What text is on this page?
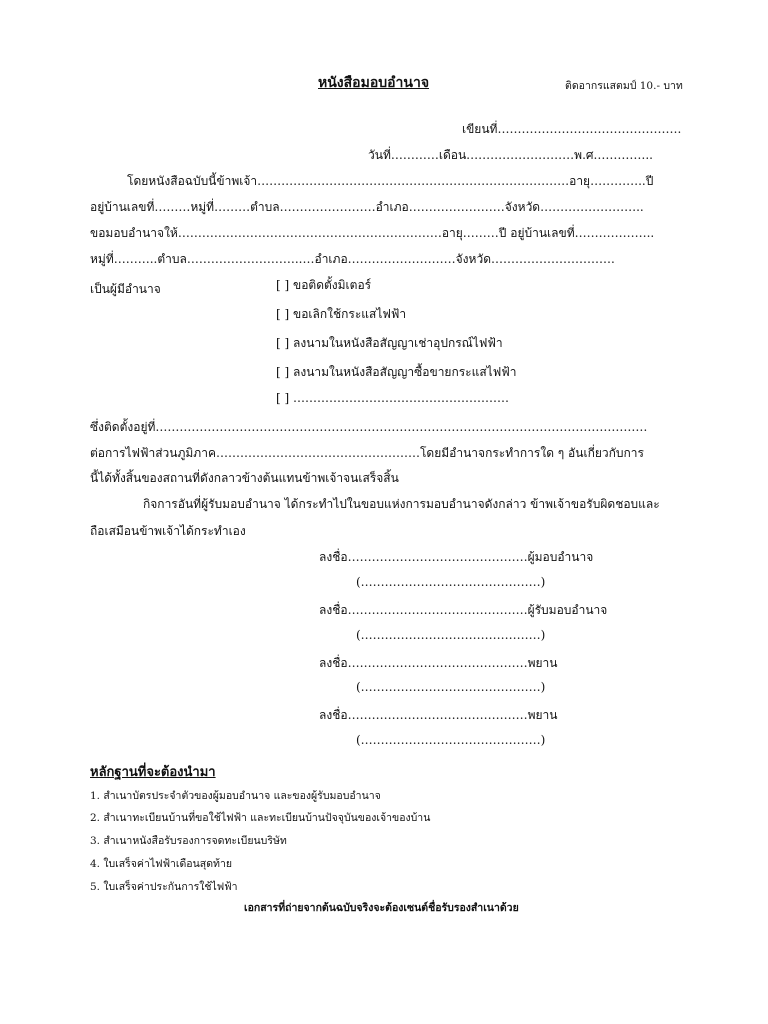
หนังสือมอบอำนาจ	ติดอากรแสตมป์ 10.- บาท
เขียนที่……………………………………….
วันที่…………เดือน………………………พ.ศ.…………..
โดยหนังสือฉบับนี้ข้าพเจ้า……………………………………………………………………อายุ…………..ปี
อยู่บ้านเลขที่………หมู่ที่………ตำบล……………………อำเภอ……………………จังหวัด……………………..
ขอมอบอำนาจให้…………………………………………………………อายุ………ปี อยู่บ้านเลขที่………………..
หมู่ที่………..ตำบล………………………..…อำเภอ………………………จังหวัด………………………….
เป็นผู้มีอำนาจ	[ ] ขอติดตั้งมิเตอร์
[ ] ขอเลิกใช้กระแสไฟฟ้า
[ ] ลงนามในหนังสือสัญญาเช่าอุปกรณ์ไฟฟ้า
[ ] ลงนามในหนังสือสัญญาซื้อขายกระแสไฟฟ้า
[ ] ………………………………………………
ซึ่งติดตั้งอยู่ที่……………………………………………………………………………………………………………
ต่อการไฟฟ้าส่วนภูมิภาค……………………………………………โดยมีอำนาจกระทำการใด ๆ อันเกี่ยวกับการ
นี้ได้ทั้งสิ้นของสถานที่ดังกลาวข้างต้นแทนข้าพเจ้าจนเสร็จสิ้น
กิจการอันที่ผู้รับมอบอำนาจ ได้กระทำไปในขอบแห่งการมอบอำนาจดังกล่าว ข้าพเจ้าขอรับผิดชอบและ
ถือเสมือนข้าพเจ้าได้กระทำเอง
ลงชื่อ………………………………………ผู้มอบอำนาจ
(………………………………………)
ลงชื่อ………………………………………ผู้รับมอบอำนาจ
(………………………………………)
ลงชื่อ………………………………………พยาน
(………………………………………)
ลงชื่อ………………………………………พยาน
(………………………………………)
หลักฐานที่จะต้องนำมา
1. สำเนาบัตรประจำตัวของผู้มอบอำนาจ และของผู้รับมอบอำนาจ
2. สำเนาทะเบียนบ้านที่ขอใช้ไฟฟ้า และทะเบียนบ้านปัจจุบันของเจ้าของบ้าน
3. สำเนาหนังสือรับรองการจดทะเบียนบริษัท
4. ใบเสร็จค่าไฟฟ้าเดือนสุดท้าย
5. ใบเสร็จค่าประกันการใช้ไฟฟ้า
เอกสารที่ถ่ายจากต้นฉบับจริงจะต้องเซนต์ชื่อรับรองสำเนาด้วย
